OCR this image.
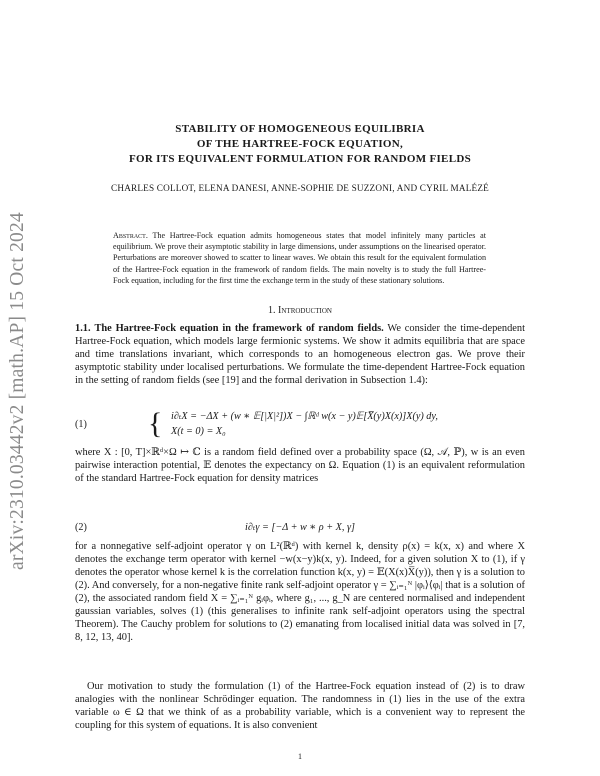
arXiv:2310.03442v2 [math.AP] 15 Oct 2024
STABILITY OF HOMOGENEOUS EQUILIBRIA
OF THE HARTREE-FOCK EQUATION,
FOR ITS EQUIVALENT FORMULATION FOR RANDOM FIELDS
CHARLES COLLOT, ELENA DANESI, ANNE-SOPHIE DE SUZZONI, AND CYRIL MALÉZÉ
Abstract. The Hartree-Fock equation admits homogeneous states that model infinitely many particles at equilibrium. We prove their asymptotic stability in large dimensions, under assumptions on the linearised operator. Perturbations are moreover showed to scatter to linear waves. We obtain this result for the equivalent formulation of the Hartree-Fock equation in the framework of random fields. The main novelty is to study the full Hartree-Fock equation, including for the first time the exchange term in the study of these stationary solutions.
1. Introduction
1.1. The Hartree-Fock equation in the framework of random fields. We consider the time-dependent Hartree-Fock equation, which models large fermionic systems. We show it admits equilibria that are space and time translations invariant, which corresponds to an homogeneous electron gas. We prove their asymptotic stability under localised perturbations. We formulate the time-dependent Hartree-Fock equation in the setting of random fields (see [19] and the formal derivation in Subsection 1.4):
(1) { i∂ₜX = −ΔX + (w ∗ 𝔼[|X|²])X − ∫ℝᵈ w(x − y)𝔼[X̅(y)X(x)]X(y) dy,
X(t = 0) = X₀
where X : [0, T]×ℝᵈ×Ω ↦ ℂ is a random field defined over a probability space (Ω, 𝒜, ℙ), w is an even pairwise interaction potential, 𝔼 denotes the expectancy on Ω. Equation (1) is an equivalent reformulation of the standard Hartree-Fock equation for density matrices
(2)	i∂ₜγ = [−Δ + w ∗ ρ + X, γ]
for a nonnegative self-adjoint operator γ on L²(ℝᵈ) with kernel k, density ρ(x) = k(x, x) and where X denotes the exchange term operator with kernel −w(x−y)k(x, y). Indeed, for a given solution X to (1), if γ denotes the operator whose kernel k is the correlation function k(x, y) = 𝔼(X(x)X̅(y)), then γ is a solution to (2). And conversely, for a non-negative finite rank self-adjoint operator γ = ∑ᵢ₌₁ᴺ |φᵢ⟩⟨φᵢ| that is a solution of (2), the associated random field X = ∑ᵢ₌₁ᴺ gᵢφᵢ, where g₁, ..., g_N are centered normalised and independent gaussian variables, solves (1) (this generalises to infinite rank self-adjoint operators using the spectral Theorem). The Cauchy problem for solutions to (2) emanating from localised initial data was solved in [7, 8, 12, 13, 40].
Our motivation to study the formulation (1) of the Hartree-Fock equation instead of (2) is to draw analogies with the nonlinear Schrödinger equation. The randomness in (1) lies in the use of the extra variable ω ∈ Ω that we think of as a probability variable, which is a convenient way to represent the coupling for this system of equations. It is also convenient
1
